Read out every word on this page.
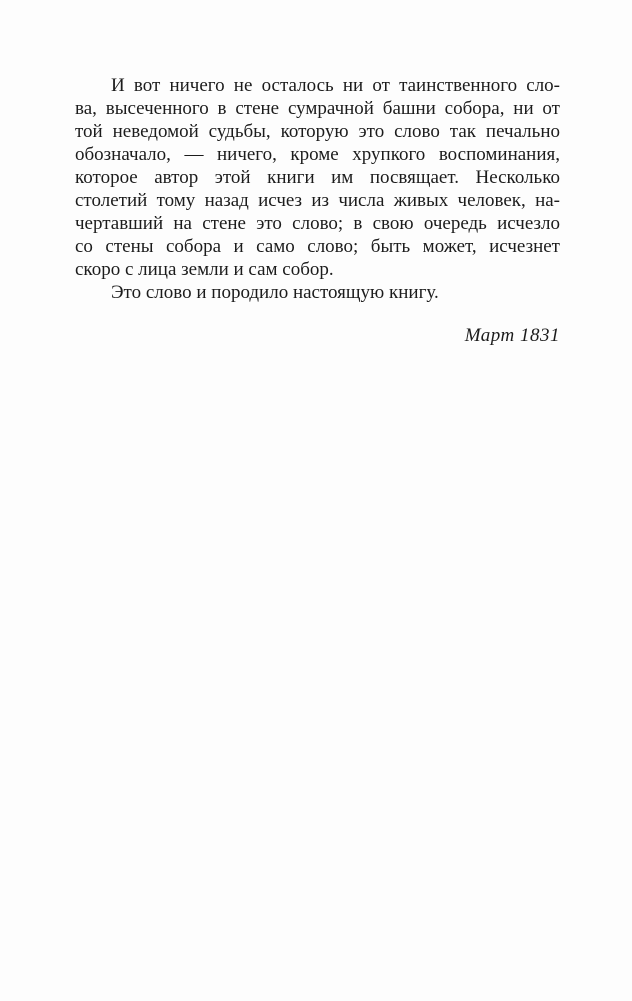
И вот ничего не осталось ни от таинственного сло-
ва, высеченного в стене сумрачной башни собора, ни от
той неведомой судьбы, которую это слово так печально
обозначало, — ничего, кроме хрупкого воспоминания,
которое автор этой книги им посвящает. Несколько
столетий тому назад исчез из числа живых человек, на-
чертавший на стене это слово; в свою очередь исчезло
со стены собора и само слово; быть может, исчезнет
скоро с лица земли и сам собор.
Это слово и породило настоящую книгу.
Март 1831
